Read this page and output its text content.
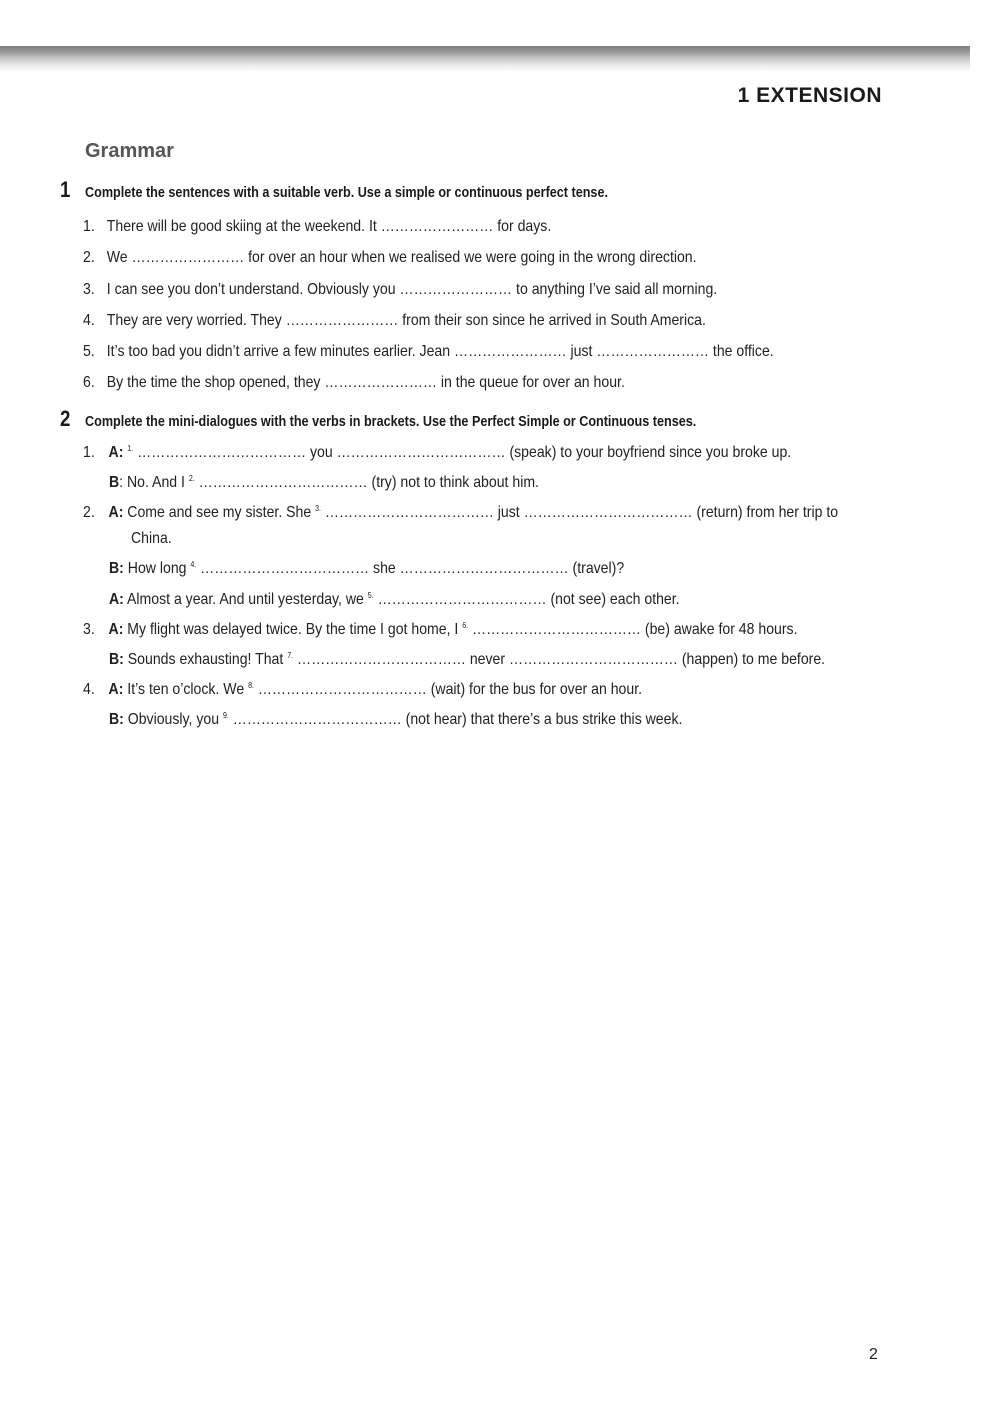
1 EXTENSION
Grammar
1 Complete the sentences with a suitable verb. Use a simple or continuous perfect tense.
1. There will be good skiing at the weekend. It …………………… for days.
2. We …………………… for over an hour when we realised we were going in the wrong direction.
3. I can see you don’t understand. Obviously you …………………… to anything I’ve said all morning.
4. They are very worried. They …………………… from their son since he arrived in South America.
5. It’s too bad you didn’t arrive a few minutes earlier. Jean …………………… just …………………… the office.
6. By the time the shop opened, they …………………… in the queue for over an hour.
2 Complete the mini-dialogues with the verbs in brackets. Use the Perfect Simple or Continuous tenses.
1. A: $^{1.}$ ……………………………… you ……………………………… (speak) to your boyfriend since you broke up.
B: No. And I $^{2.}$ ……………………………… (try) not to think about him.
2. A: Come and see my sister. She $^{3.}$ ……………………………… just ……………………………… (return) from her trip to
China.
B: How long $^{4.}$ ……………………………… she ……………………………… (travel)?
A: Almost a year. And until yesterday, we $^{5.}$ ……………………………… (not see) each other.
3. A: My flight was delayed twice. By the time I got home, I $^{6.}$ ……………………………… (be) awake for 48 hours.
B: Sounds exhausting! That $^{7.}$ ……………………………… never ……………………………… (happen) to me before.
4. A: It’s ten o’clock. We $^{8.}$ ……………………………… (wait) for the bus for over an hour.
B: Obviously, you $^{9.}$ ……………………………… (not hear) that there’s a bus strike this week.
2
